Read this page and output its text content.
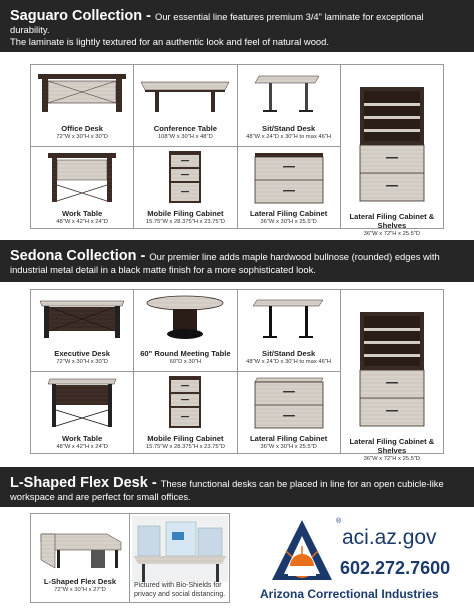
Saguaro Collection - Our essential line features premium 3/4" laminate for exceptional durability.
The laminate is lightly textured for an authentic look and feel of natural wood.
Office Desk
72"W x 30"H x 30"D
Conference Table
108"W x 30"H x 48"D
Sit/Stand Desk
48"W x 24"D x 30"H to max 46"H
Lateral Filing Cabinet & Shelves
36"W x 72"H x 25.5"D
Work Table
48"W x 42"H x 24"D
Mobile Filing Cabinet
15.75"W x 28.375"H x 23.75"D
Lateral Filing Cabinet
36"W x 30"H x 25.5"D
Sedona Collection - Our premier line adds maple hardwood bullnose (rounded) edges with
industrial metal detail in a black matte finish for a more sophisticated look.
Executive Desk
72"W x 30"H x 30"D
60" Round Meeting Table
60"D x 30"H
Sit/Stand Desk
48"W x 24"D x 30"H to max 46"H
Lateral Filing Cabinet & Shelves
36"W x 72"H x 25.5"D
Work Table
48"W x 42"H x 24"D
Mobile Filing Cabinet
15.75"W x 28.375"H x 23.75"D
Lateral Filing Cabinet
36"W x 30"H x 25.5"D
L-Shaped Flex Desk - These functional desks can be placed in line for an open cubicle-like
workspace and are perfect for small offices.
L-Shaped Flex Desk
72"W x 30"H x 27"D
Pictured with Bio-Shields for
privacy and social distancing.
®
aci.az.gov
602.272.7600
Arizona Correctional Industries
